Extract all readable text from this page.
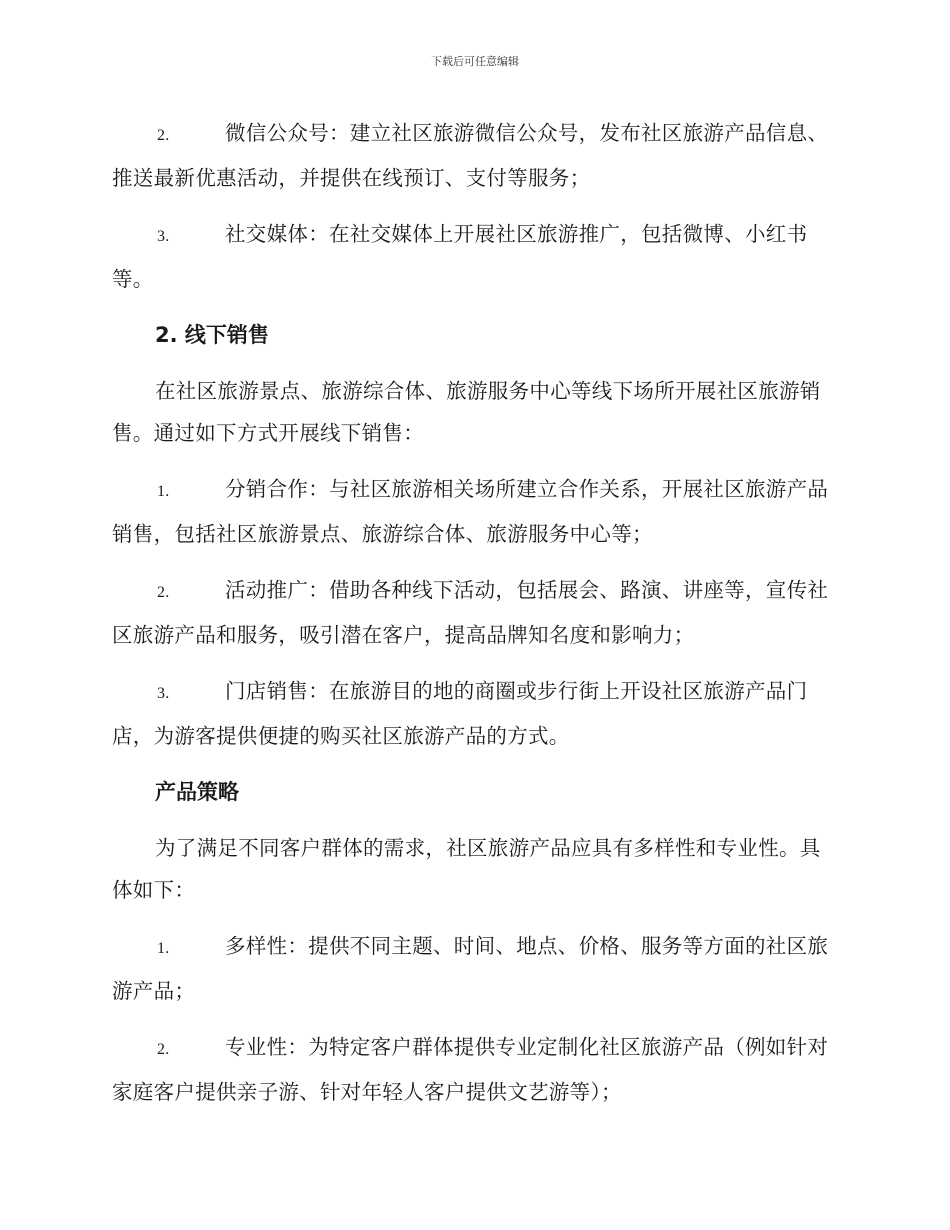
下载后可任意编辑

2.	微信公众号：建立社区旅游微信公众号，发布社区旅游产品信息、推送最新优惠活动，并提供在线预订、支付等服务；

3.	社交媒体：在社交媒体上开展社区旅游推广，包括微博、小红书等。

2. 线下销售

在社区旅游景点、旅游综合体、旅游服务中心等线下场所开展社区旅游销售。通过如下方式开展线下销售：

1.	分销合作：与社区旅游相关场所建立合作关系，开展社区旅游产品销售，包括社区旅游景点、旅游综合体、旅游服务中心等；

2.	活动推广：借助各种线下活动，包括展会、路演、讲座等，宣传社区旅游产品和服务，吸引潜在客户，提高品牌知名度和影响力；

3.	门店销售：在旅游目的地的商圈或步行街上开设社区旅游产品门店，为游客提供便捷的购买社区旅游产品的方式。

产品策略

为了满足不同客户群体的需求，社区旅游产品应具有多样性和专业性。具体如下：

1.	多样性：提供不同主题、时间、地点、价格、服务等方面的社区旅游产品；

2.	专业性：为特定客户群体提供专业定制化社区旅游产品（例如针对家庭客户提供亲子游、针对年轻人客户提供文艺游等）；
